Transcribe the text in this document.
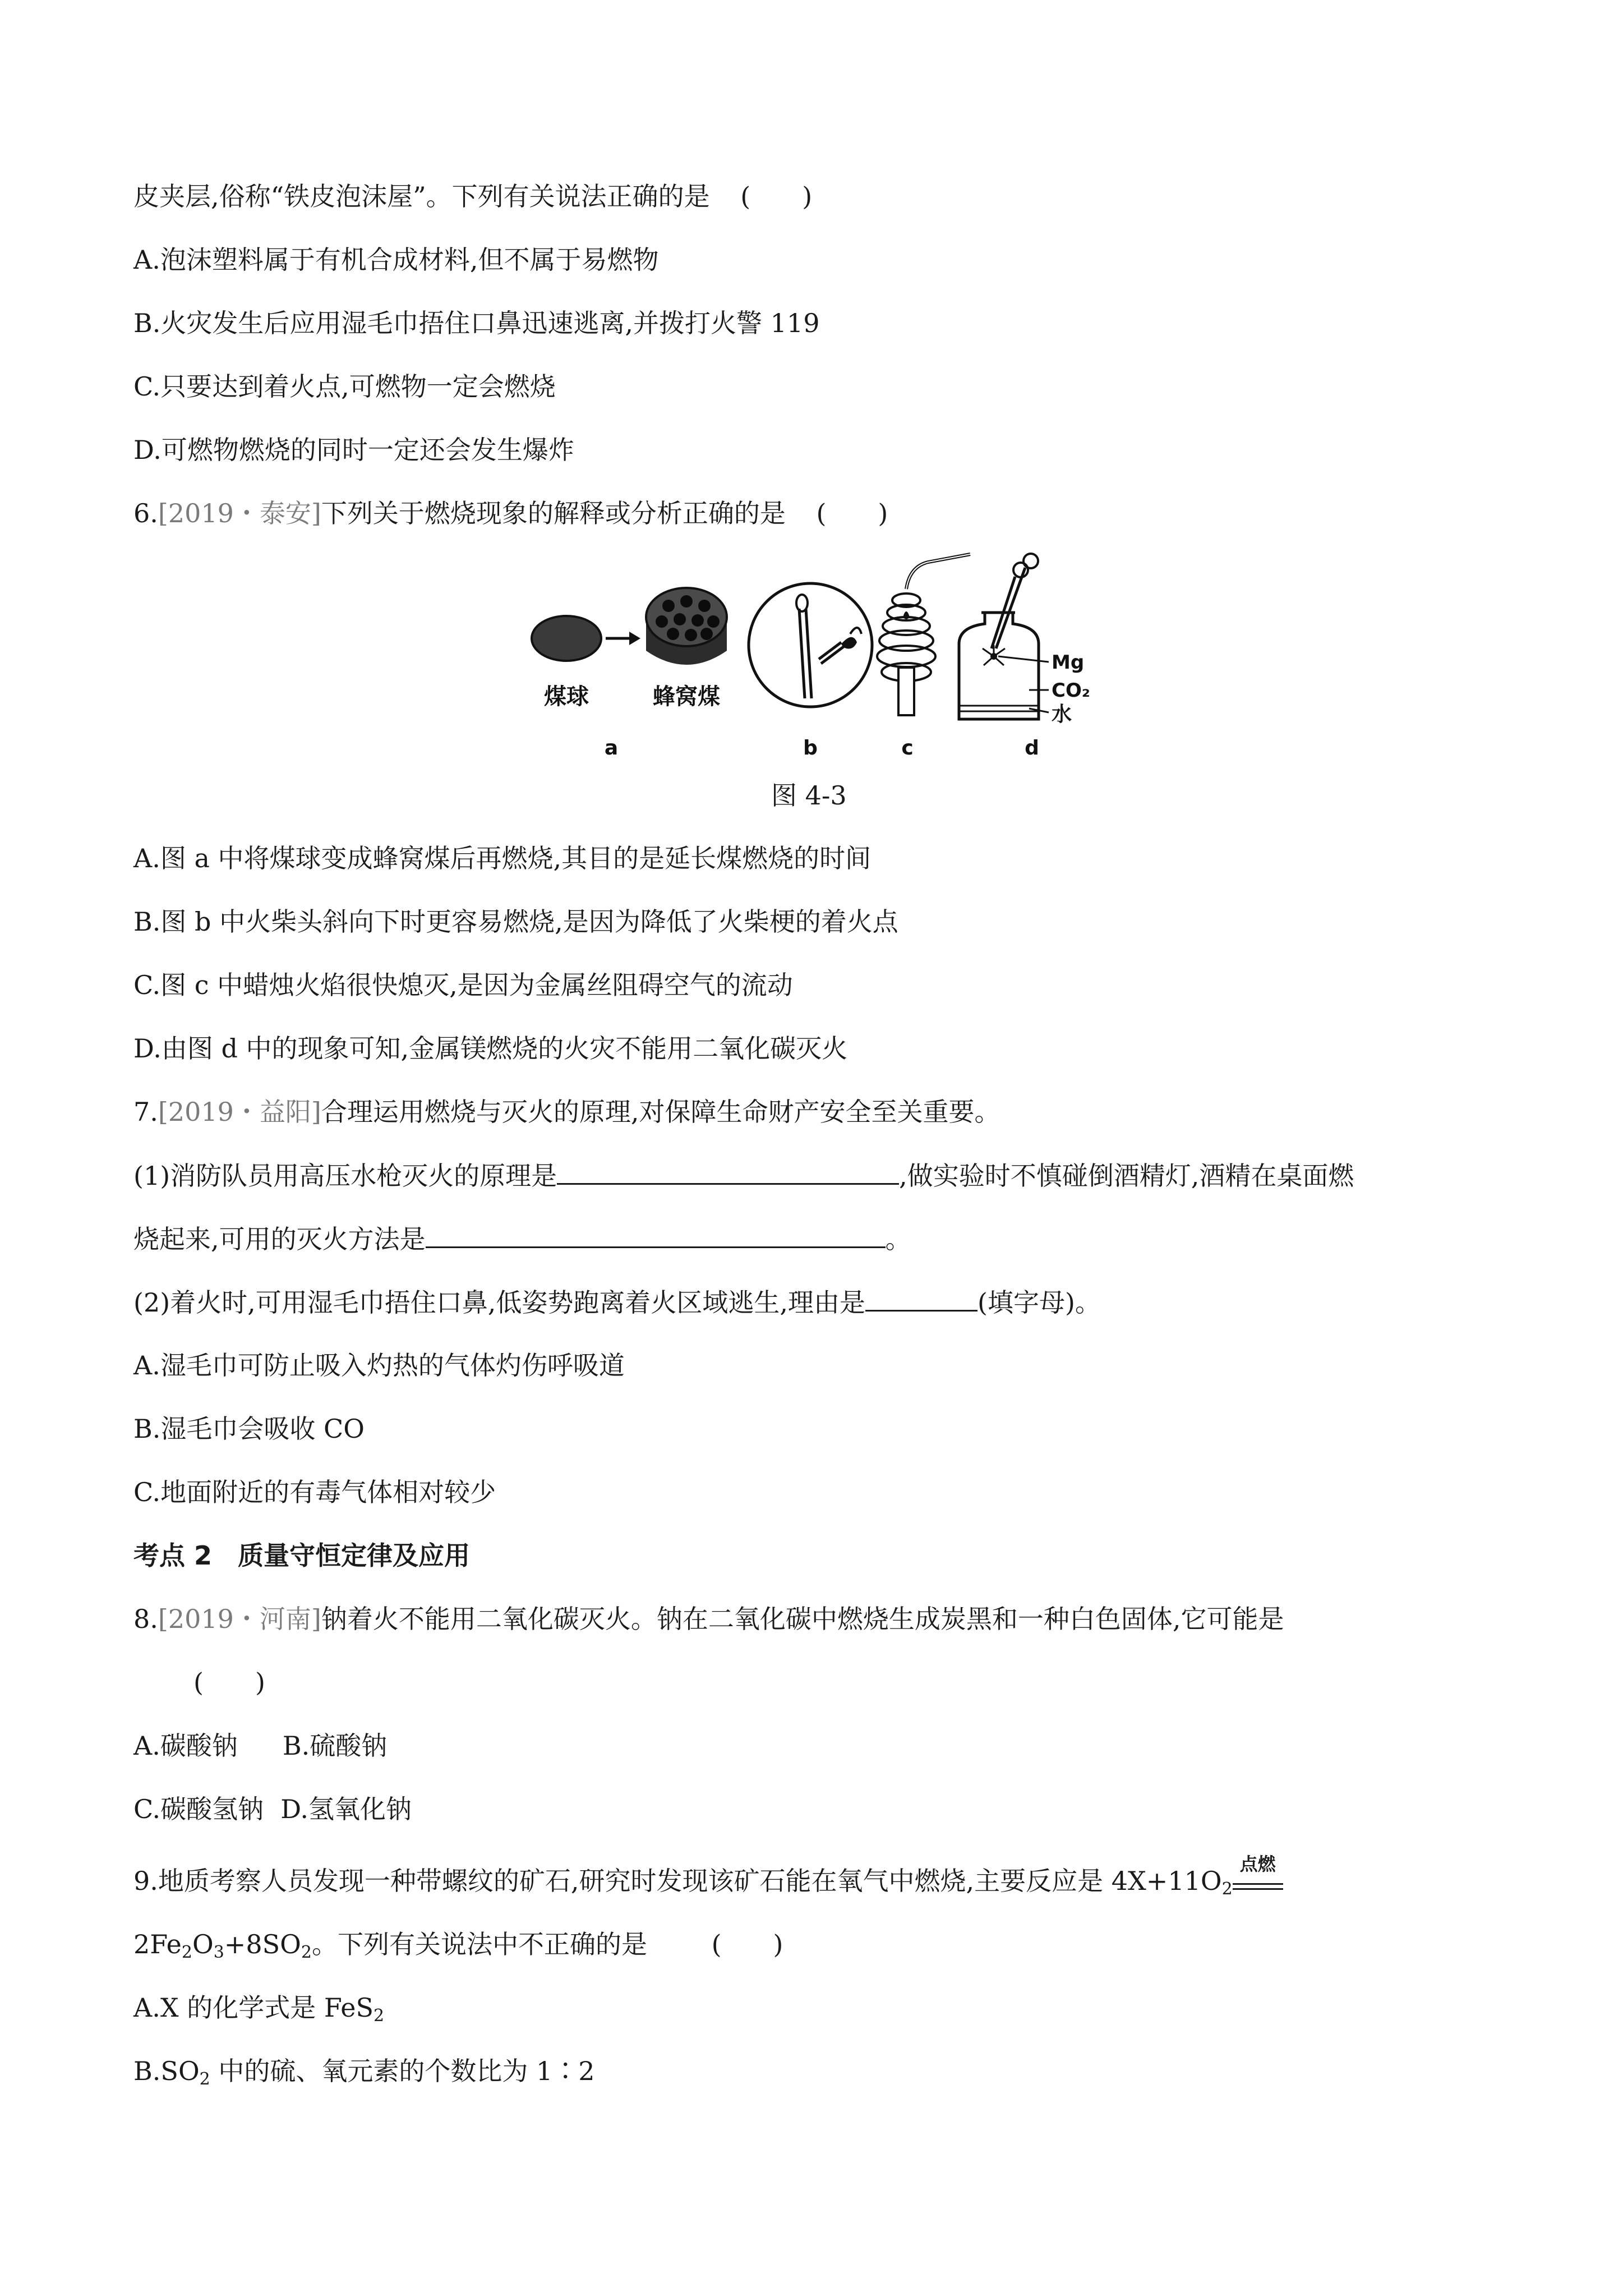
皮夹层,俗称“铁皮泡沫屋”。下列有关说法正确的是 (　　)
A.泡沫塑料属于有机合成材料,但不属于易燃物
B.火灾发生后应用湿毛巾捂住口鼻迅速逃离,并拨打火警 119
C.只要达到着火点,可燃物一定会燃烧
D.可燃物燃烧的同时一定还会发生爆炸
6.[2019・泰安]下列关于燃烧现象的解释或分析正确的是 (　　)
煤球	蜂窝煤
a	b	c
Mg
CO₂
水
d
图 4-3
A.图 a 中将煤球变成蜂窝煤后再燃烧,其目的是延长煤燃烧的时间
B.图 b 中火柴头斜向下时更容易燃烧,是因为降低了火柴梗的着火点
C.图 c 中蜡烛火焰很快熄灭,是因为金属丝阻碍空气的流动
D.由图 d 中的现象可知,金属镁燃烧的火灾不能用二氧化碳灭火
7.[2019・益阳]合理运用燃烧与灭火的原理,对保障生命财产安全至关重要。
(1)消防队员用高压水枪灭火的原理是	,做实验时不慎碰倒酒精灯,酒精在桌面燃
烧起来,可用的灭火方法是	。
(2)着火时,可用湿毛巾捂住口鼻,低姿势跑离着火区域逃生,理由是	(填字母)。
A.湿毛巾可防止吸入灼热的气体灼伤呼吸道
B.湿毛巾会吸收 CO
C.地面附近的有毒气体相对较少
考点 2　质量守恒定律及应用
8.[2019・河南]钠着火不能用二氧化碳灭火。钠在二氧化碳中燃烧生成炭黑和一种白色固体,它可能是
(　　)
A.碳酸钠 B.硫酸钠
C.碳酸氢钠 D.氢氧化钠
9.地质考察人员发现一种带螺纹的矿石,研究时发现该矿石能在氧气中燃烧,主要反应是 $4X+11O_2$
点燃
$2Fe_2O_3+8SO_2$。下列有关说法中不正确的是 (　　)
A.X 的化学式是 FeS$_2$
$B.SO_2$ 中的硫、氧元素的个数比为 1∶2
